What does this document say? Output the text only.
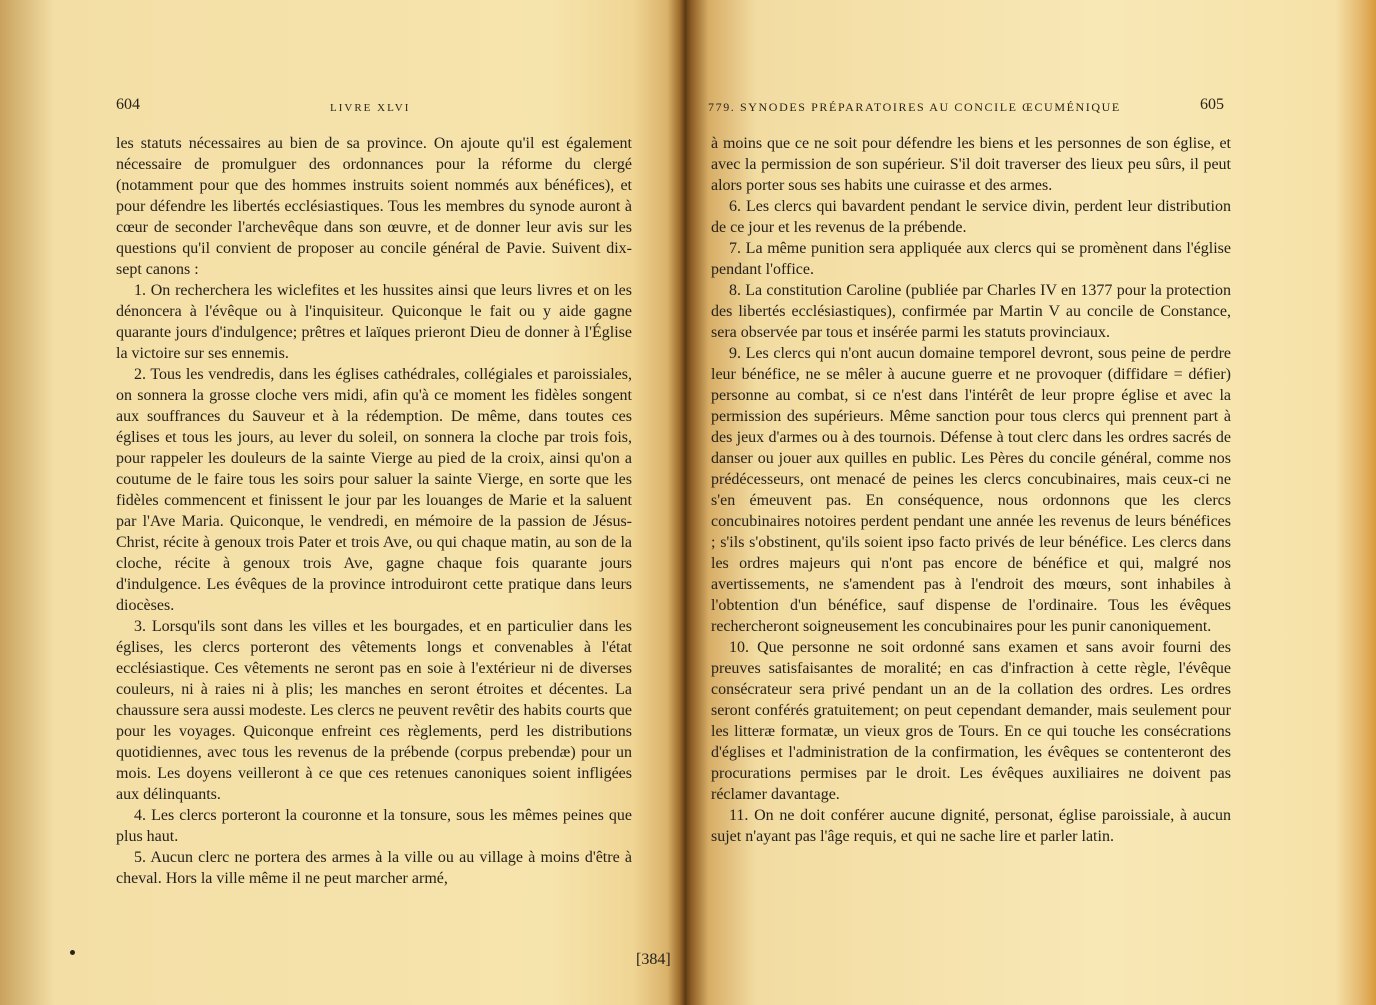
604	LIVRE XLVI

les statuts nécessaires au bien de sa province. On ajoute qu'il est également nécessaire de promulguer des ordonnances pour la réforme du clergé (notamment pour que des hommes instruits soient nommés aux bénéfices), et pour défendre les libertés ecclésiastiques. Tous les membres du synode auront à cœur de seconder l'archevêque dans son œuvre, et de donner leur avis sur les questions qu'il convient de proposer au concile général de Pavie. Suivent dix-sept canons :

1. On recherchera les wiclefites et les hussites ainsi que leurs livres et on les dénoncera à l'évêque ou à l'inquisiteur. Quiconque le fait ou y aide gagne quarante jours d'indulgence; prêtres et laïques prieront Dieu de donner à l'Église la victoire sur ses ennemis.

2. Tous les vendredis, dans les églises cathédrales, collégiales et paroissiales, on sonnera la grosse cloche vers midi, afin qu'à ce moment les fidèles songent aux souffrances du Sauveur et à la rédemption. De même, dans toutes ces églises et tous les jours, au lever du soleil, on sonnera la cloche par trois fois, pour rappeler les douleurs de la sainte Vierge au pied de la croix, ainsi qu'on a coutume de le faire tous les soirs pour saluer la sainte Vierge, en sorte que les fidèles commencent et finissent le jour par les louanges de Marie et la saluent par l'Ave Maria. Quiconque, le vendredi, en mémoire de la passion de Jésus-Christ, récite à genoux trois Pater et trois Ave, ou qui chaque matin, au son de la cloche, récite à genoux trois Ave, gagne chaque fois quarante jours d'indulgence. Les évêques de la province introduiront cette pratique dans leurs diocèses.

3. Lorsqu'ils sont dans les villes et les bourgades, et en particulier dans les églises, les clercs porteront des vêtements longs et convenables à l'état ecclésiastique. Ces vêtements ne seront pas en soie à l'extérieur ni de diverses couleurs, ni à raies ni à plis; les manches en seront étroites et décentes. La chaussure sera aussi modeste. Les clercs ne peuvent revêtir des habits courts que pour les voyages. Quiconque enfreint ces règlements, perd les distributions quotidiennes, avec tous les revenus de la prébende (corpus prebendæ) pour un mois. Les doyens veilleront à ce que ces retenues canoniques soient infligées aux délinquants.

4. Les clercs porteront la couronne et la tonsure, sous les mêmes peines que plus haut.

5. Aucun clerc ne portera des armes à la ville ou au village à moins d'être à cheval. Hors la ville même il ne peut marcher armé,

[384]
779. SYNODES PRÉPARATOIRES AU CONCILE ŒCUMÉNIQUE	605

à moins que ce ne soit pour défendre les biens et les personnes de son église, et avec la permission de son supérieur. S'il doit traverser des lieux peu sûrs, il peut alors porter sous ses habits une cuirasse et des armes.

6. Les clercs qui bavardent pendant le service divin, perdent leur distribution de ce jour et les revenus de la prébende.

7. La même punition sera appliquée aux clercs qui se promènent dans l'église pendant l'office.

8. La constitution Caroline (publiée par Charles IV en 1377 pour la protection des libertés ecclésiastiques), confirmée par Martin V au concile de Constance, sera observée par tous et insérée parmi les statuts provinciaux.

9. Les clercs qui n'ont aucun domaine temporel devront, sous peine de perdre leur bénéfice, ne se mêler à aucune guerre et ne provoquer (diffidare = défier) personne au combat, si ce n'est dans l'intérêt de leur propre église et avec la permission des supérieurs. Même sanction pour tous clercs qui prennent part à des jeux d'armes ou à des tournois. Défense à tout clerc dans les ordres sacrés de danser ou jouer aux quilles en public. Les Pères du concile général, comme nos prédécesseurs, ont menacé de peines les clercs concubinaires, mais ceux-ci ne s'en émeuvent pas. En conséquence, nous ordonnons que les clercs concubinaires notoires perdent pendant une année les revenus de leurs bénéfices ; s'ils s'obstinent, qu'ils soient ipso facto privés de leur bénéfice. Les clercs dans les ordres majeurs qui n'ont pas encore de bénéfice et qui, malgré nos avertissements, ne s'amendent pas à l'endroit des mœurs, sont inhabiles à l'obtention d'un bénéfice, sauf dispense de l'ordinaire. Tous les évêques rechercheront soigneusement les concubinaires pour les punir canoniquement.

10. Que personne ne soit ordonné sans examen et sans avoir fourni des preuves satisfaisantes de moralité; en cas d'infraction à cette règle, l'évêque consécrateur sera privé pendant un an de la collation des ordres. Les ordres seront conférés gratuitement; on peut cependant demander, mais seulement pour les litteræ formatæ, un vieux gros de Tours. En ce qui touche les consécrations d'églises et l'administration de la confirmation, les évêques se contenteront des procurations permises par le droit. Les évêques auxiliaires ne doivent pas réclamer davantage.

11. On ne doit conférer aucune dignité, personat, église paroissiale, à aucun sujet n'ayant pas l'âge requis, et qui ne sache lire et parler latin.
